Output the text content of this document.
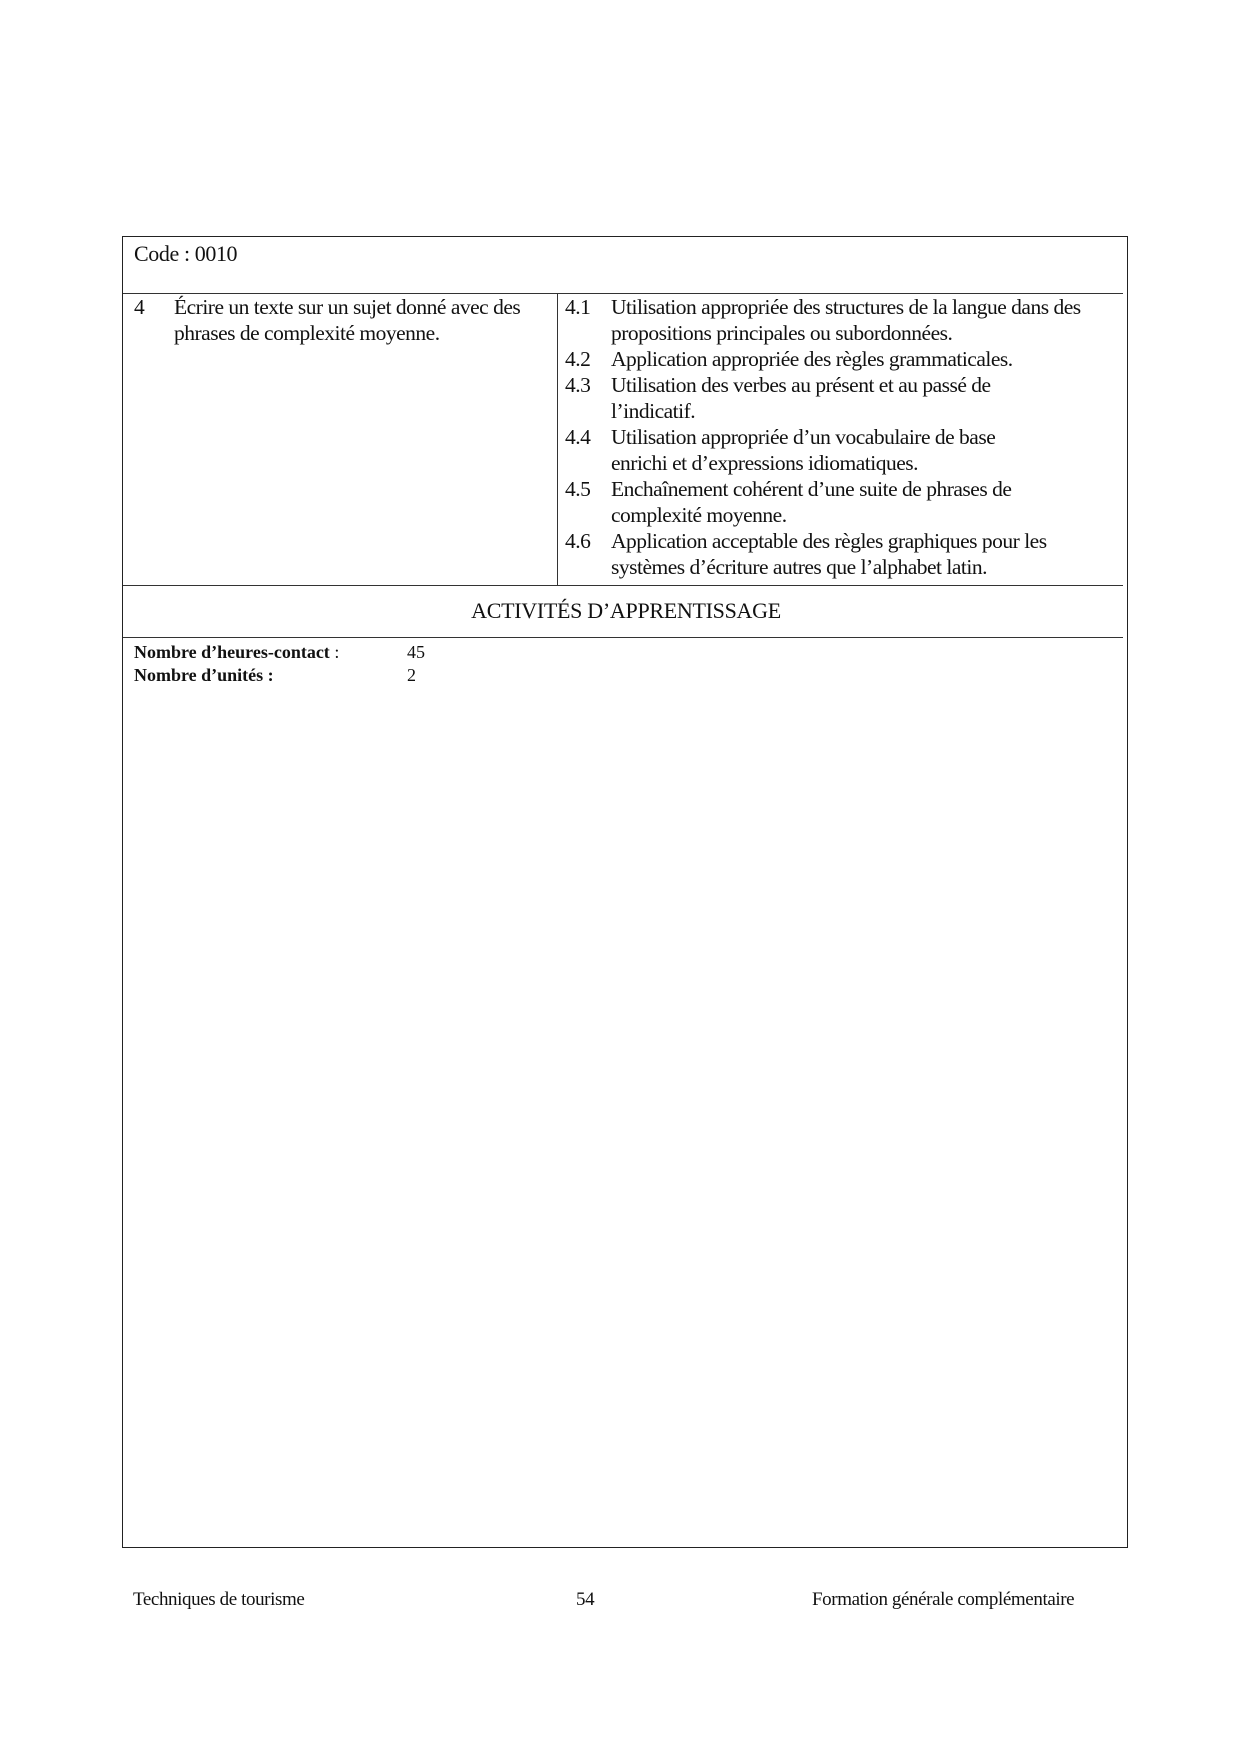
Code : 0010
4 Écrire un texte sur un sujet donné avec des phrases de complexité moyenne.
4.1 Utilisation appropriée des structures de la langue dans des propositions principales ou subordonnées.
4.2 Application appropriée des règles grammaticales.
4.3 Utilisation des verbes au présent et au passé de l’indicatif.
4.4 Utilisation appropriée d’un vocabulaire de base enrichi et d’expressions idiomatiques.
4.5 Enchaînement cohérent d’une suite de phrases de complexité moyenne.
4.6 Application acceptable des règles graphiques pour les systèmes d’écriture autres que l’alphabet latin.
ACTIVITÉS D’APPRENTISSAGE
Nombre d’heures-contact :	45
Nombre d’unités :	2
Techniques de tourisme	54	Formation générale complémentaire
